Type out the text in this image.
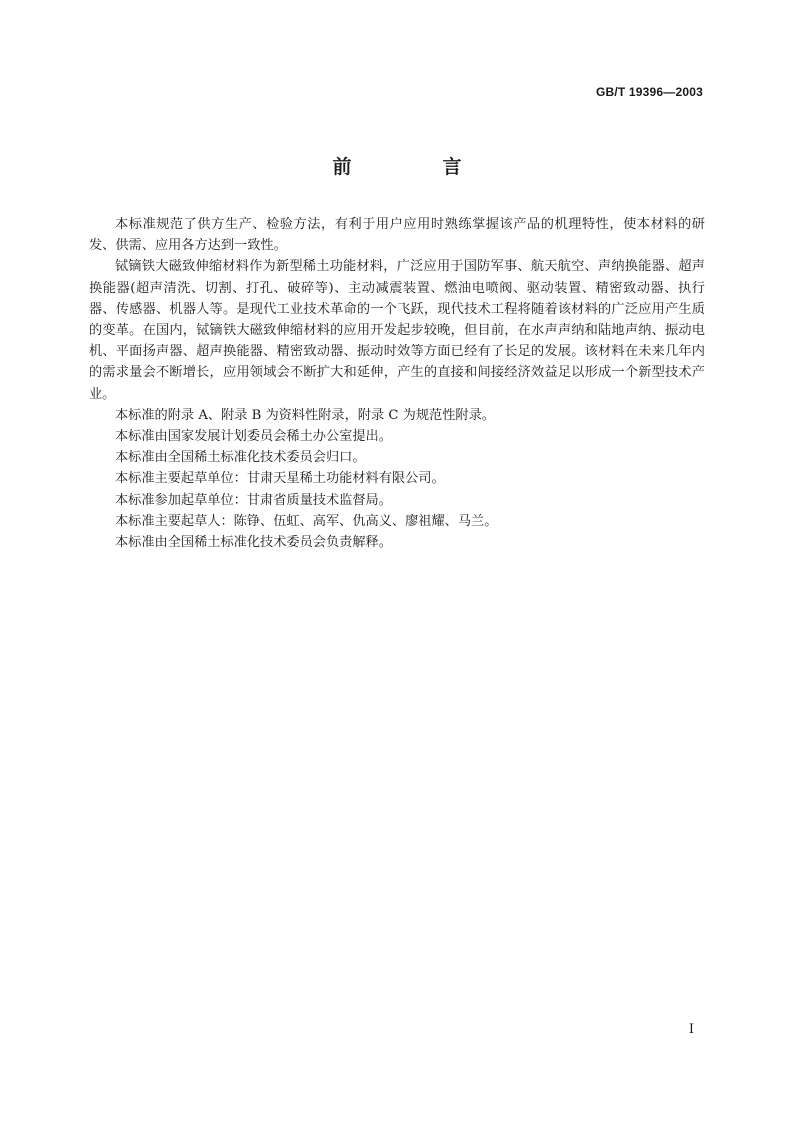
GB/T 19396—2003
前　言

本标准规范了供方生产、检验方法，有利于用户应用时熟练掌握该产品的机理特性，使本材料的研发、供需、应用各方达到一致性。

铽镝铁大磁致伸缩材料作为新型稀土功能材料，广泛应用于国防军事、航天航空、声纳换能器、超声换能器(超声清洗、切割、打孔、破碎等)、主动减震装置、燃油电喷阀、驱动装置、精密致动器、执行器、传感器、机器人等。是现代工业技术革命的一个飞跃，现代技术工程将随着该材料的广泛应用产生质的变革。在国内，铽镝铁大磁致伸缩材料的应用开发起步较晚，但目前，在水声声纳和陆地声纳、振动电机、平面扬声器、超声换能器、精密致动器、振动时效等方面已经有了长足的发展。该材料在未来几年内的需求量会不断增长，应用领域会不断扩大和延伸，产生的直接和间接经济效益足以形成一个新型技术产业。

本标准的附录 A、附录 B 为资料性附录，附录 C 为规范性附录。

本标准由国家发展计划委员会稀土办公室提出。

本标准由全国稀土标准化技术委员会归口。

本标准主要起草单位：甘肃天星稀土功能材料有限公司。

本标准参加起草单位：甘肃省质量技术监督局。

本标准主要起草人：陈铮、伍虹、高军、仇高义、廖祖耀、马兰。

本标准由全国稀土标准化技术委员会负责解释。

I
